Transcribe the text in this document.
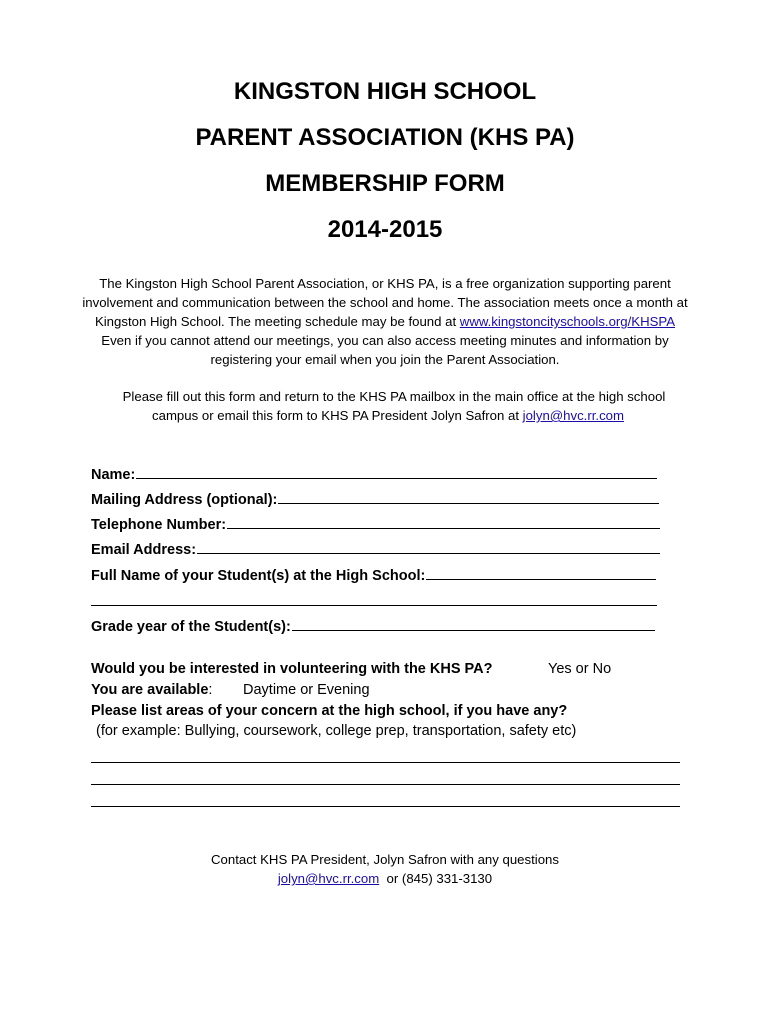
KINGSTON HIGH SCHOOL
PARENT ASSOCIATION (KHS PA)
MEMBERSHIP FORM
2014-2015
The Kingston High School Parent Association, or KHS PA, is a free organization supporting parent
involvement and communication between the school and home. The association meets once a month at
Kingston High School. The meeting schedule may be found at www.kingstoncityschools.org/KHSPA
Even if you cannot attend our meetings, you can also access meeting minutes and information by
registering your email when you join the Parent Association.
Please fill out this form and return to the KHS PA mailbox in the main office at the high school
campus or email this form to KHS PA President Jolyn Safron at jolyn@hvc.rr.com
Name:
Mailing Address (optional):
Telephone Number:
Email Address:
Full Name of your Student(s) at the High School:
Grade year of the Student(s):
Would you be interested in volunteering with the KHS PA?	Yes or No
You are available: Daytime or Evening
Please list areas of your concern at the high school, if you have any?
(for example: Bullying, coursework, college prep, transportation, safety etc)
Contact KHS PA President, Jolyn Safron with any questions
jolyn@hvc.rr.com or (845) 331-3130
